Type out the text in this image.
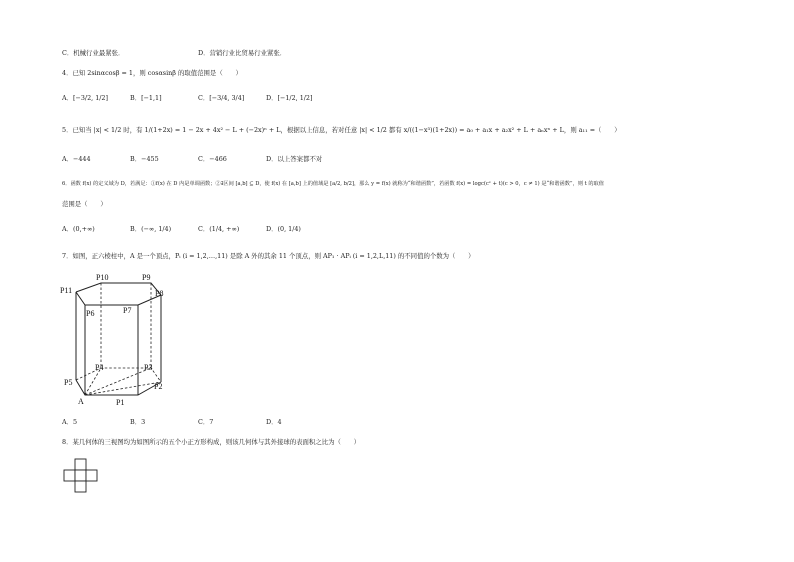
C．机械行业最紧张．	D．营销行业比贸易行业紧张．
4．已知 2sinαcosβ = 1，则 cosαsinβ 的取值范围是（　　）
A．[−3/2, 1/2]	B．[−1,1]	C．[−3/4, 3/4]	D．[−1/2, 1/2]
5．已知当 |x| < 1/2 时，有 1/(1+2x) = 1 − 2x + 4x² − L + (−2x)ⁿ + L，根据以上信息，若对任意 |x| < 1/2 都有 x/((1−x³)(1+2x)) = a₀ + a₁x + a₂x² + L + aₙxⁿ + L，则 a₁₁ =（　　）
A．−444	B．−455	C．−466	D．以上答案都不对
6．函数 f(x) 的定义域为 D，若满足：①f(x) 在 D 内是单调函数；②∃区间 [a,b] ⊆ D，使 f(x) 在 [a,b] 上的值域是 [a/2, b/2]，那么 y = f(x) 就称为“和谐函数”，若函数 f(x) = logc(cˣ + t)(c > 0，c ≠ 1) 是“和谐函数”，则 t 的取值
范围是（　　）
A．(0,+∞)	B．(−∞, 1/4)	C．(1/4, +∞)	D．(0, 1/4)
7．如图，正六棱柱中，A 是一个顶点，Pᵢ (i = 1,2,…,11) 是除 A 外的其余 11 个顶点，则 AP₁ · APᵢ (i = 1,2,L,11) 的不同值的个数为（　　）
P10	P9
P11	P8
P6	P7
P4	P3
P5	P2
A	P1
A．5	B．3	C．7	D．4
8．某几何体的三视图均为如图所示的五个小正方形构成，则该几何体与其外接球的表面积之比为（　　）
